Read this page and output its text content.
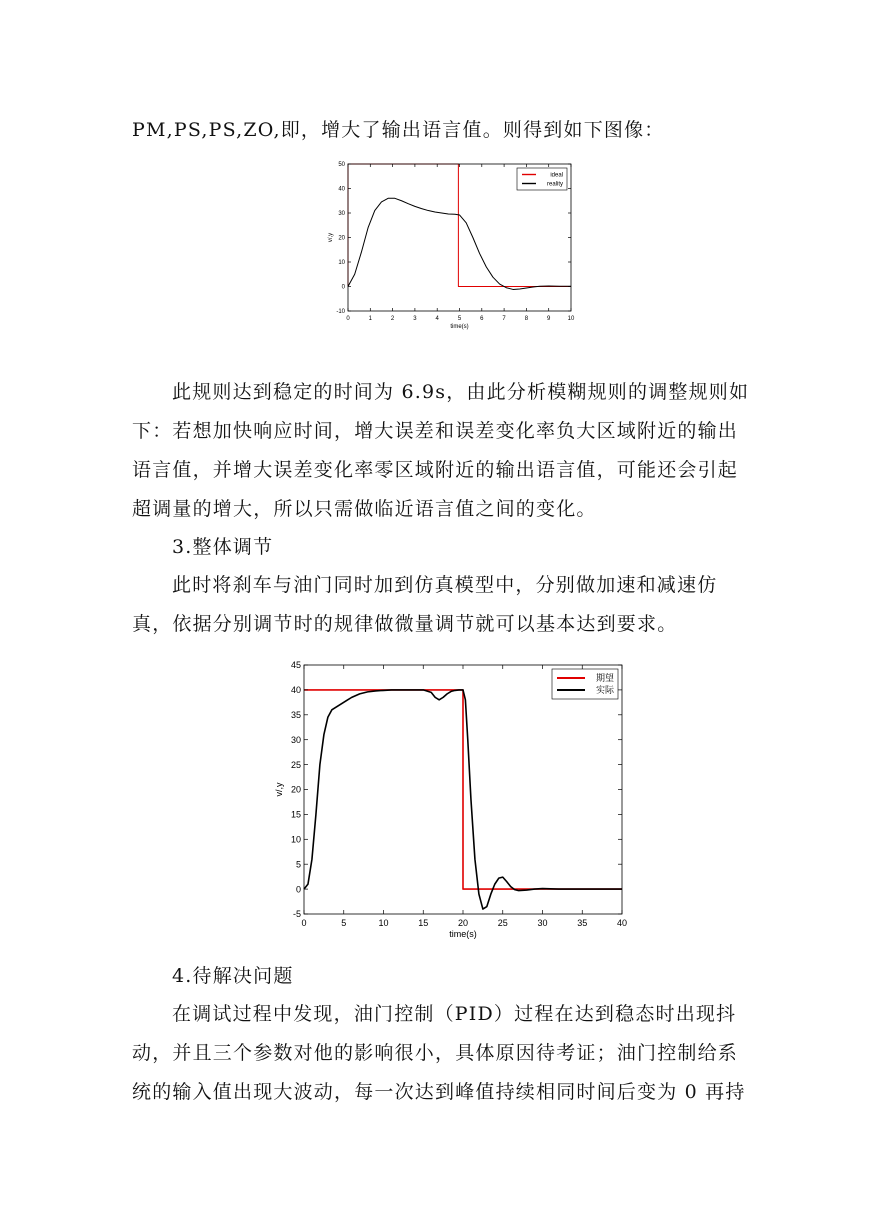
PM,PS,PS,ZO,即，增大了输出语言值。则得到如下图像：
0	1	2	3	4	5	6	7	8	9	10
-10
0
10
20
30
40
50
time(s)
v/,y
ideal
reality
此规则达到稳定的时间为 6.9s，由此分析模糊规则的调整规则如
下：若想加快响应时间，增大误差和误差变化率负大区域附近的输出
语言值，并增大误差变化率零区域附近的输出语言值，可能还会引起
超调量的增大，所以只需做临近语言值之间的变化。
3.整体调节
此时将刹车与油门同时加到仿真模型中，分别做加速和减速仿
真，依据分别调节时的规律做微量调节就可以基本达到要求。
0	5	10	15	20	25	30	35	40
-5
0
5
10
15
20
25
30
35
40
45
time(s)
v/,y
期望
实际
4.待解决问题
在调试过程中发现，油门控制（PID）过程在达到稳态时出现抖
动，并且三个参数对他的影响很小，具体原因待考证；油门控制给系
统的输入值出现大波动，每一次达到峰值持续相同时间后变为 0 再持
